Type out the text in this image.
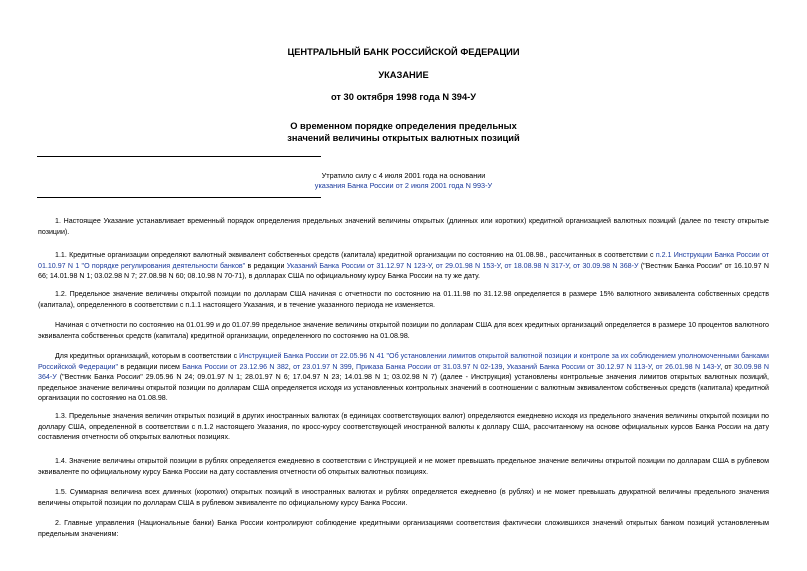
ЦЕНТРАЛЬНЫЙ БАНК РОССИЙСКОЙ ФЕДЕРАЦИИ
УКАЗАНИЕ
от 30 октября 1998 года N 394-У
О временном порядке определения предельных
значений величины открытых валютных позиций
Утратило силу с 4 июля 2001 года на основании
указания Банка России от 2 июля 2001 года N 993-У
1. Настоящее Указание устанавливает временный порядок определения предельных значений величины открытых (длинных или коротких) кредитной организацией валютных позиций (далее по тексту открытые позиции).
1.1. Кредитные организации определяют валютный эквивалент собственных средств (капитала) кредитной организации по состоянию на 01.08.98., рассчитанных в соответствии с п.2.1 Инструкции Банка России от 01.10.97 N 1 "О порядке регулирования деятельности банков" в редакции Указаний Банка России от 31.12.97 N 123-У, от 29.01.98 N 153-У, от 18.08.98 N 317-У, от 30.09.98 N 368-У ("Вестник Банка России" от 16.10.97 N 66; 14.01.98 N 1; 03.02.98 N 7; 27.08.98 N 60; 08.10.98 N 70-71), в долларах США по официальному курсу Банка России на ту же дату.
1.2. Предельное значение величины открытой позиции по долларам США начиная с отчетности по состоянию на 01.11.98 по 31.12.98 определяется в размере 15% валютного эквивалента собственных средств (капитала), определенного в соответствии с п.1.1 настоящего Указания, и в течение указанного периода не изменяется.
Начиная с отчетности по состоянию на 01.01.99 и до 01.07.99 предельное значение величины открытой позиции по долларам США для всех кредитных организаций определяется в размере 10 процентов валютного эквивалента собственных средств (капитала) кредитной организации, определенного по состоянию на 01.08.98.
Для кредитных организаций, которым в соответствии с Инструкцией Банка России от 22.05.96 N 41 "Об установлении лимитов открытой валютной позиции и контроле за их соблюдением уполномоченными банками Российской Федерации" в редакции писем Банка России от 23.12.96 N 382, от 23.01.97 N 399, Приказа Банка России от 31.03.97 N 02-139, Указаний Банка России от 30.12.97 N 113-У, от 26.01.98 N 143-У, от 30.09.98 N 364-У ("Вестник Банка России" 29.05.96 N 24; 09.01.97 N 1; 28.01.97 N 6; 17.04.97 N 23; 14.01.98 N 1; 03.02.98 N 7) (далее - Инструкция) установлены контрольные значения лимитов открытых валютных позиций, предельное значение величины открытой позиции по долларам США определяется исходя из установленных контрольных значений в соотношении с валютным эквивалентом собственных средств (капитала) кредитной организации по состоянию на 01.08.98.
1.3. Предельные значения величин открытых позиций в других иностранных валютах (в единицах соответствующих валют) определяются ежедневно исходя из предельного значения величины открытой позиции по доллару США, определенной в соответствии с п.1.2 настоящего Указания, по кросс-курсу соответствующей иностранной валюты к доллару США, рассчитанному на основе официальных курсов Банка России на дату составления отчетности об открытых валютных позициях.
1.4. Значение величины открытой позиции в рублях определяется ежедневно в соответствии с Инструкцией и не может превышать предельное значение величины открытой позиции по долларам США в рублевом эквиваленте по официальному курсу Банка России на дату составления отчетности об открытых валютных позициях.
1.5. Суммарная величина всех длинных (коротких) открытых позиций в иностранных валютах и рублях определяется ежедневно (в рублях) и не может превышать двукратной величины предельного значения величины открытой позиции по долларам США в рублевом эквиваленте по официальному курсу Банка России.
2. Главные управления (Национальные банки) Банка России контролируют соблюдение кредитными организациями соответствия фактически сложившихся значений открытых банком позиций установленным предельным значениям:
